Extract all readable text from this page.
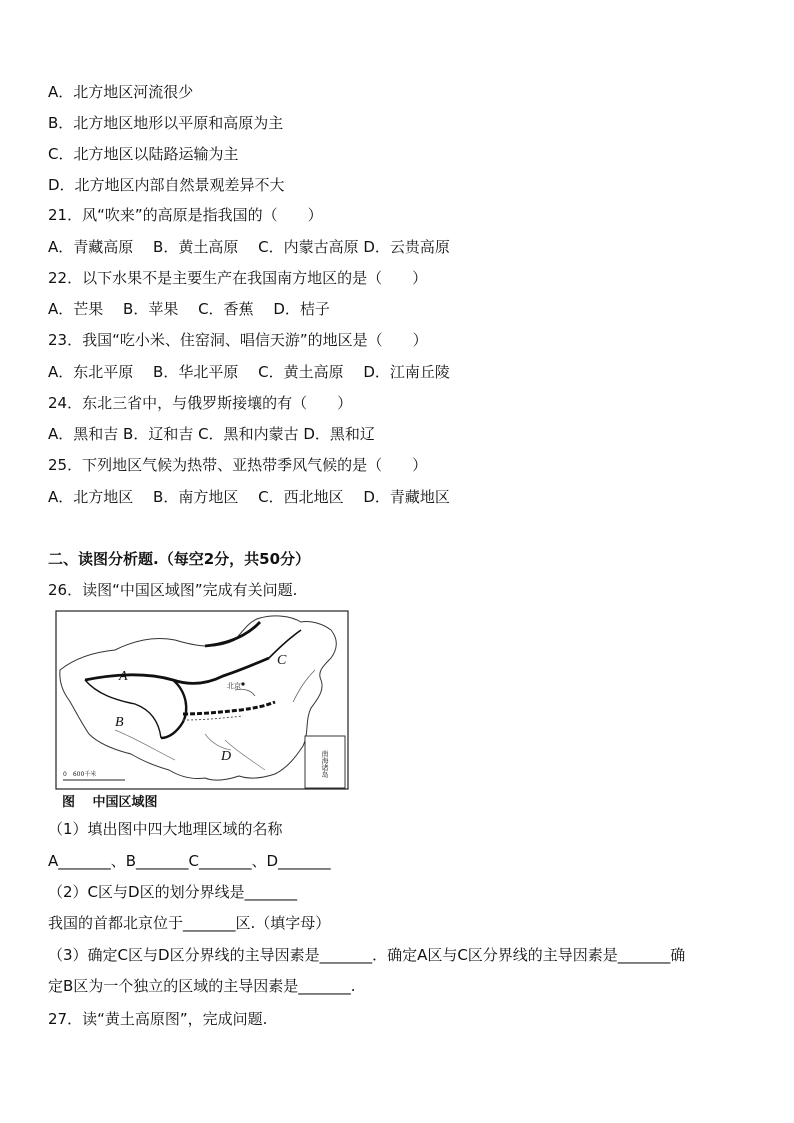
A．北方地区河流很少
B．北方地区地形以平原和高原为主
C．北方地区以陆路运输为主
D．北方地区内部自然景观差异不大
21．风“吹来”的高原是指我国的（　　）
A．青藏高原　 B．黄土高原　 C．内蒙古高原 D．云贵高原
22．以下水果不是主要生产在我国南方地区的是（　　）
A．芒果　 B．苹果　 C．香蕉　 D．桔子
23．我国“吃小米、住窑洞、唱信天游”的地区是（　　）
A．东北平原　 B．华北平原　 C．黄土高原　 D．江南丘陵
24．东北三省中，与俄罗斯接壤的有（　　）
A．黑和吉 B．辽和吉 C．黑和内蒙古 D．黑和辽
25．下列地区气候为热带、亚热带季风气候的是（　　）
A．北方地区　 B．南方地区　 C．西北地区　 D．青藏地区
二、读图分析题.（每空2分，共50分）
26．读图“中国区域图”完成有关问题.
A
B
C
D
北京
南海诸岛
0　600千米
图　 中国区域图
（1）填出图中四大地理区域的名称
A_______、B_______C_______、D_______
（2）C区与D区的划分界线是_______
我国的首都北京位于_______区.（填字母）
（3）确定C区与D区分界线的主导因素是_______．确定A区与C区分界线的主导因素是_______确
定B区为一个独立的区域的主导因素是_______.
27．读“黄土高原图”，完成问题.
